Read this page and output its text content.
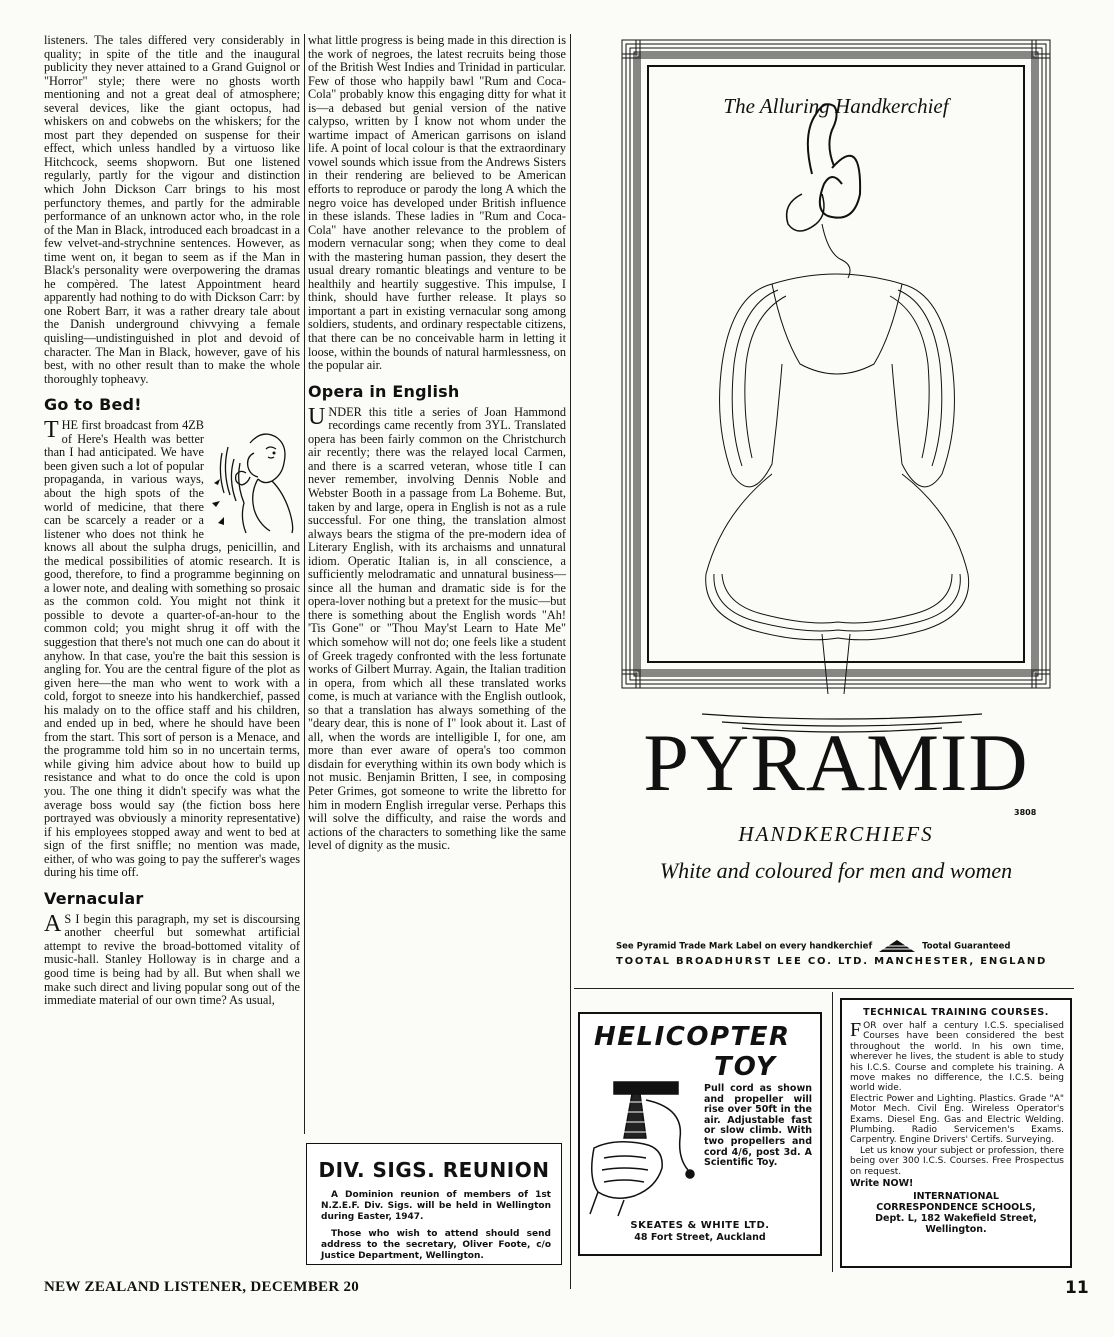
listeners. The tales differed very considerably in quality; in spite of the title and the inaugural publicity they never attained to a Grand Guignol or "Horror" style; there were no ghosts worth mentioning and not a great deal of atmosphere; several devices, like the giant octopus, had whiskers on and cobwebs on the whiskers; for the most part they depended on suspense for their effect, which unless handled by a virtuoso like Hitchcock, seems shopworn. But one listened regularly, partly for the vigour and distinction which John Dickson Carr brings to his most perfunctory themes, and partly for the admirable performance of an unknown actor who, in the role of the Man in Black, introduced each broadcast in a few velvet-and-strychnine sentences. However, as time went on, it began to seem as if the Man in Black's personality were overpowering the dramas he compèred. The latest Appointment heard apparently had nothing to do with Dickson Carr: by one Robert Barr, it was a rather dreary tale about the Danish underground chivvying a female quisling—undistinguished in plot and devoid of character. The Man in Black, however, gave of his best, with no other result than to make the whole thoroughly topheavy.

Go to Bed!

T HE first broadcast from 4ZB of Here's Health was better than I had anticipated. We have been given such a lot of popular propaganda, in various ways, about the high spots of the world of medicine, that there can be scarcely a reader or a listener who does not think he knows all about the sulpha drugs, penicillin, and the medical possibilities of atomic research. It is good, therefore, to find a programme beginning on a lower note, and dealing with something so prosaic as the common cold. You might not think it possible to devote a quarter-of-an-hour to the common cold; you might shrug it off with the suggestion that there's not much one can do about it anyhow. In that case, you're the bait this session is angling for. You are the central figure of the plot as given here—the man who went to work with a cold, forgot to sneeze into his handkerchief, passed his malady on to the office staff and his children, and ended up in bed, where he should have been from the start. This sort of person is a Menace, and the programme told him so in no uncertain terms, while giving him advice about how to build up resistance and what to do once the cold is upon you. The one thing it didn't specify was what the average boss would say (the fiction boss here portrayed was obviously a minority representative) if his employees stopped away and went to bed at sign of the first sniffle; no mention was made, either, of who was going to pay the sufferer's wages during his time off.

Vernacular

A S I begin this paragraph, my set is discoursing another cheerful but somewhat artificial attempt to revive the broad-bottomed vitality of music-hall. Stanley Holloway is in charge and a good time is being had by all. But when shall we make such direct and living popular song out of the immediate material of our own time? As usual,

what little progress is being made in this direction is the work of negroes, the latest recruits being those of the British West Indies and Trinidad in particular. Few of those who happily bawl "Rum and Coca-Cola" probably know this engaging ditty for what it is—a debased but genial version of the native calypso, written by I know not whom under the wartime impact of American garrisons on island life. A point of local colour is that the extraordinary vowel sounds which issue from the Andrews Sisters in their rendering are believed to be American efforts to reproduce or parody the long A which the negro voice has developed under British influence in these islands. These ladies in "Rum and Coca-Cola" have another relevance to the problem of modern vernacular song; when they come to deal with the mastering human passion, they desert the usual dreary romantic bleatings and venture to be healthily and heartily suggestive. This impulse, I think, should have further release. It plays so important a part in existing vernacular song among soldiers, students, and ordinary respectable citizens, that there can be no conceivable harm in letting it loose, within the bounds of natural harmlessness, on the popular air.

Opera in English

U NDER this title a series of Joan Hammond recordings came recently from 3YL. Translated opera has been fairly common on the Christchurch air recently; there was the relayed local Carmen, and there is a scarred veteran, whose title I can never remember, involving Dennis Noble and Webster Booth in a passage from La Boheme. But, taken by and large, opera in English is not as a rule successful. For one thing, the translation almost always bears the stigma of the pre-modern idea of Literary English, with its archaisms and unnatural idiom. Operatic Italian is, in all conscience, a sufficiently melodramatic and unnatural business—since all the human and dramatic side is for the opera-lover nothing but a pretext for the music—but there is something about the English words "Ah! 'Tis Gone" or "Thou May'st Learn to Hate Me" which somehow will not do; one feels like a student of Greek tragedy confronted with the less fortunate works of Gilbert Murray. Again, the Italian tradition in opera, from which all these translated works come, is much at variance with the English outlook, so that a translation has always something of the "deary dear, this is none of I" look about it. Last of all, when the words are intelligible I, for one, am more than ever aware of opera's too common disdain for everything within its own body which is not music. Benjamin Britten, I see, in composing Peter Grimes, got someone to write the libretto for him in modern English irregular verse. Perhaps this will solve the difficulty, and raise the words and actions of the characters to something like the same level of dignity as the music.

DIV. SIGS. REUNION
A Dominion reunion of members of 1st N.Z.E.F. Div. Sigs. will be held in Wellington during Easter, 1947.
Those who wish to attend should send address to the secretary, Oliver Foote, c/o Justice Department, Wellington.
The Alluring Handkerchief
PYRAMID
3808
HANDKERCHIEFS
White and coloured for men and women
See Pyramid Trade Mark Label on every handkerchief	Tootal Guaranteed
TOOTAL BROADHURST LEE CO. LTD. MANCHESTER, ENGLAND
HELICOPTER
TOY
Pull cord as shown and propeller will rise over 50ft in the air. Adjustable fast or slow climb. With two propellers and cord 4/6, post 3d. A Scientific Toy.
SKEATES & WHITE LTD.
48 Fort Street, Auckland
TECHNICAL TRAINING COURSES.
F OR over half a century I.C.S. specialised Courses have been considered the best throughout the world. In his own time, wherever he lives, the student is able to study his I.C.S. Course and complete his training. A move makes no difference, the I.C.S. being world wide.
Electric Power and Lighting. Plastics. Grade "A" Motor Mech. Civil Eng. Wireless Operator's Exams. Diesel Eng. Gas and Electric Welding. Plumbing. Radio Servicemen's Exams. Carpentry. Engine Drivers' Certifs. Surveying.
Let us know your subject or profession, there being over 300 I.C.S. Courses. Free Prospectus on request.
Write NOW!
INTERNATIONAL
CORRESPONDENCE SCHOOLS,
Dept. L, 182 Wakefield Street,
Wellington.
NEW ZEALAND LISTENER, DECEMBER 20	11
